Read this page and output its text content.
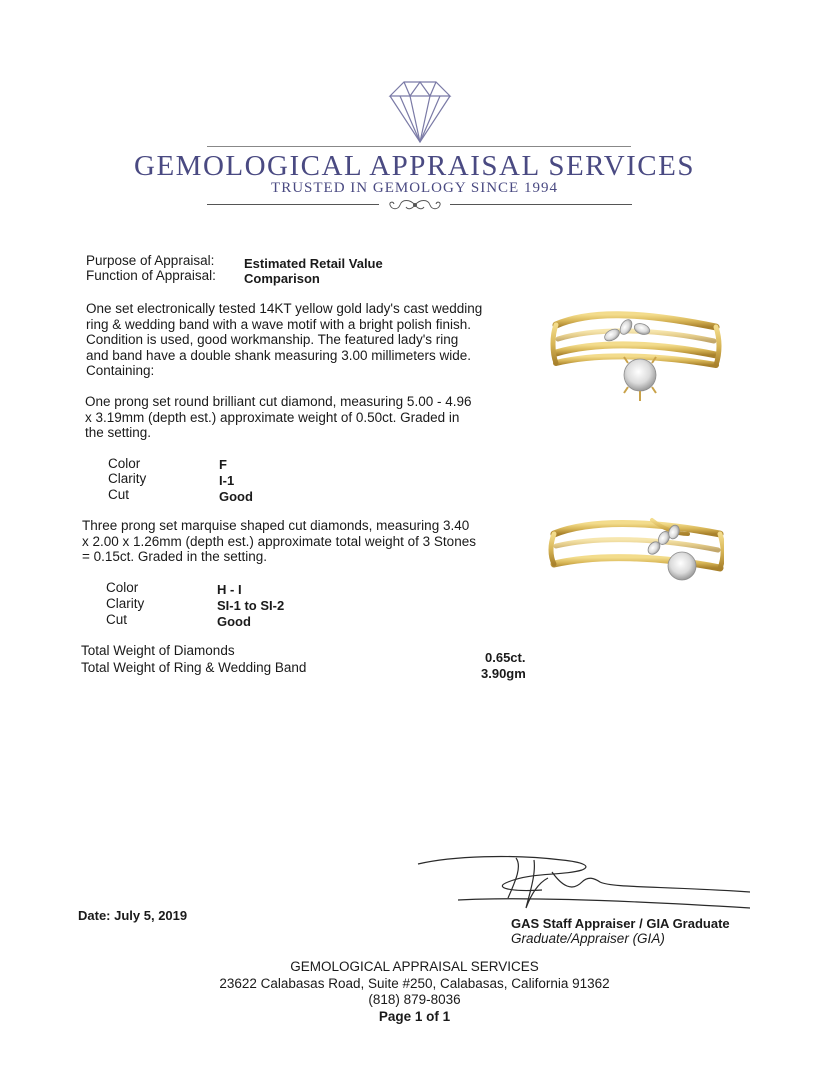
GEMOLOGICAL APPRAISAL SERVICES
TRUSTED IN GEMOLOGY SINCE 1994
Purpose of Appraisal: Estimated Retail Value
Function of Appraisal: Comparison
One set electronically tested 14KT yellow gold lady's cast wedding
ring & wedding band with a wave motif with a bright polish finish.
Condition is used, good workmanship. The featured lady's ring
and band have a double shank measuring 3.00 millimeters wide.
Containing:
One prong set round brilliant cut diamond, measuring 5.00 - 4.96
x 3.19mm (depth est.) approximate weight of 0.50ct. Graded in
the setting.
Color	F
Clarity	I-1
Cut	Good
Three prong set marquise shaped cut diamonds, measuring 3.40
x 2.00 x 1.26mm (depth est.) approximate total weight of 3 Stones
= 0.15ct. Graded in the setting.
Color	H - I
Clarity	SI-1 to SI-2
Cut	Good
Total Weight of Diamonds	0.65ct.
Total Weight of Ring & Wedding Band	3.90gm
Date: July 5, 2019
GAS Staff Appraiser / GIA Graduate
Graduate/Appraiser (GIA)
GEMOLOGICAL APPRAISAL SERVICES
23622 Calabasas Road, Suite #250, Calabasas, California 91362
(818) 879-8036
Page 1 of 1
